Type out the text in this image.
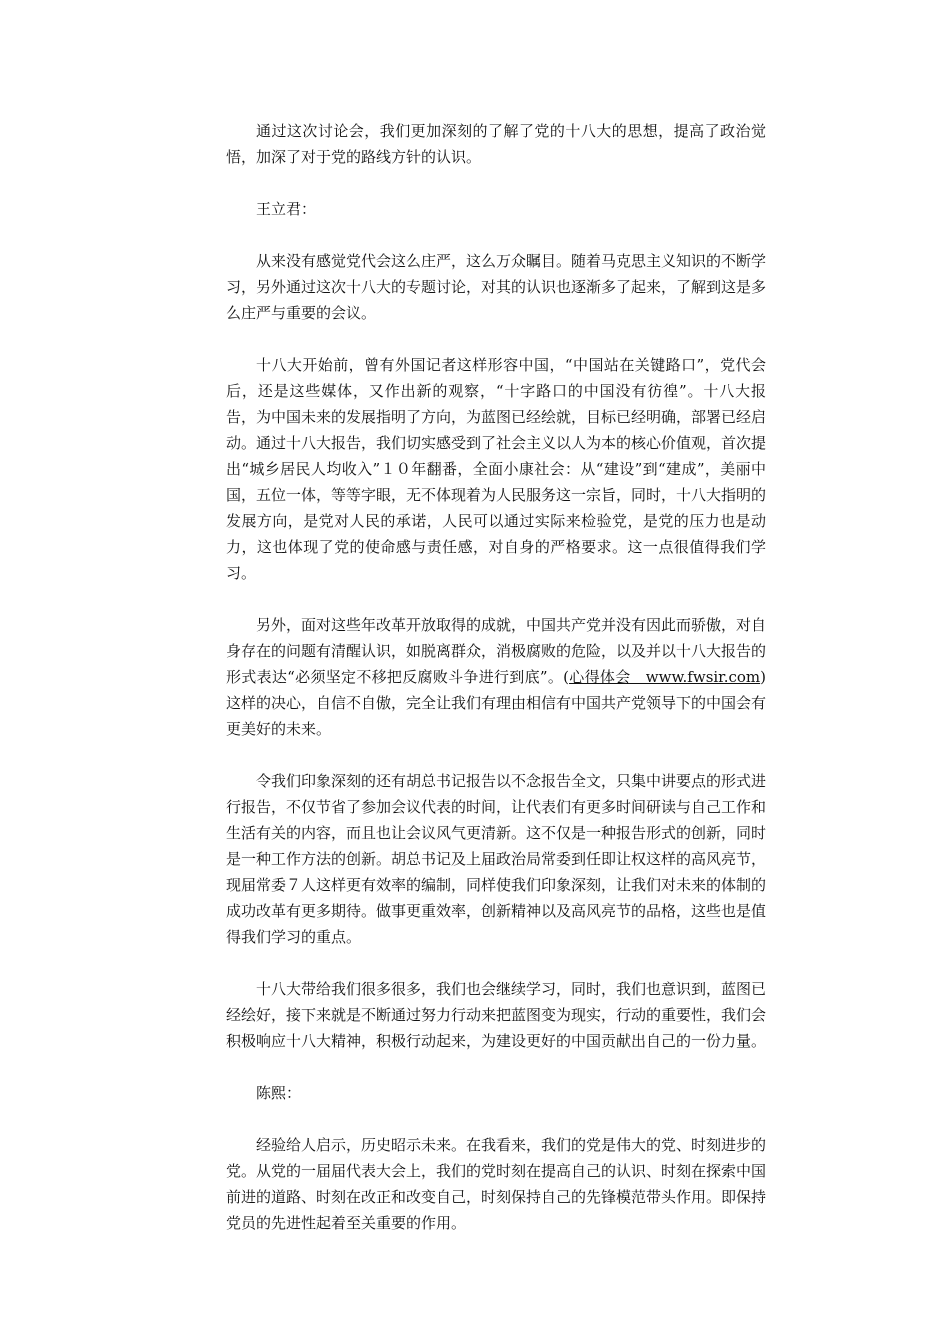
通过这次讨论会，我们更加深刻的了解了党的十八大的思想，提高了政治觉悟，加深了对于党的路线方针的认识。

王立君：

从来没有感觉党代会这么庄严，这么万众瞩目。随着马克思主义知识的不断学习，另外通过这次十八大的专题讨论，对其的认识也逐渐多了起来，了解到这是多么庄严与重要的会议。

十八大开始前，曾有外国记者这样形容中国，“中国站在关键路口”，党代会后，还是这些媒体，又作出新的观察，“十字路口的中国没有彷徨”。十八大报告，为中国未来的发展指明了方向，为蓝图已经绘就，目标已经明确，部署已经启动。通过十八大报告，我们切实感受到了社会主义以人为本的核心价值观，首次提出“城乡居民人均收入”１０年翻番，全面小康社会：从“建设”到“建成”，美丽中国，五位一体，等等字眼，无不体现着为人民服务这一宗旨，同时，十八大指明的发展方向，是党对人民的承诺，人民可以通过实际来检验党，是党的压力也是动力，这也体现了党的使命感与责任感，对自身的严格要求。这一点很值得我们学习。

另外，面对这些年改革开放取得的成就，中国共产党并没有因此而骄傲，对自身存在的问题有清醒认识，如脱离群众，消极腐败的危险，以及并以十八大报告的形式表达“必须坚定不移把反腐败斗争进行到底”。(心得体会　www.fwsir.com)这样的决心，自信不自傲，完全让我们有理由相信有中国共产党领导下的中国会有更美好的未来。

令我们印象深刻的还有胡总书记报告以不念报告全文，只集中讲要点的形式进行报告，不仅节省了参加会议代表的时间，让代表们有更多时间研读与自己工作和生活有关的内容，而且也让会议风气更清新。这不仅是一种报告形式的创新，同时是一种工作方法的创新。胡总书记及上届政治局常委到任即让权这样的高风亮节，现届常委７人这样更有效率的编制，同样使我们印象深刻，让我们对未来的体制的成功改革有更多期待。做事更重效率，创新精神以及高风亮节的品格，这些也是值得我们学习的重点。

十八大带给我们很多很多，我们也会继续学习，同时，我们也意识到，蓝图已经绘好，接下来就是不断通过努力行动来把蓝图变为现实，行动的重要性，我们会积极响应十八大精神，积极行动起来，为建设更好的中国贡献出自己的一份力量。

陈熙：

经验给人启示，历史昭示未来。在我看来，我们的党是伟大的党、时刻进步的党。从党的一届届代表大会上，我们的党时刻在提高自己的认识、时刻在探索中国前进的道路、时刻在改正和改变自己，时刻保持自己的先锋模范带头作用。即保持党员的先进性起着至关重要的作用。
